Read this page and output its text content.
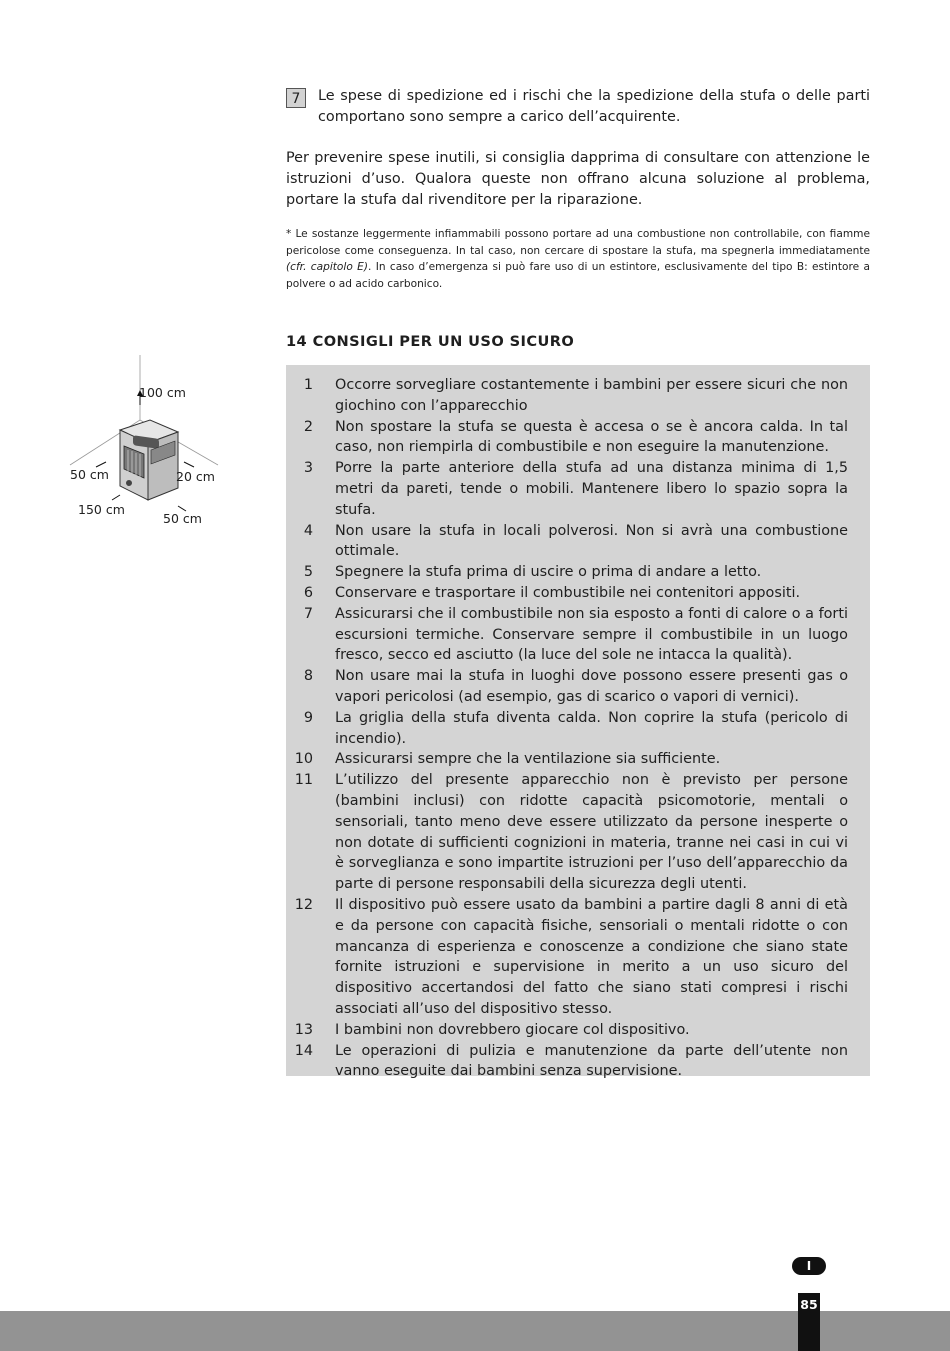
7	Le spese di spedizione ed i rischi che la spedizione della stufa o delle parti comportano sono sempre a carico dell’acquirente.
Per prevenire spese inutili, si consiglia dapprima di consultare con attenzione le istruzioni d’uso. Qualora queste non offrano alcuna soluzione al problema, portare la stufa dal rivenditore per la riparazione.
* Le sostanze leggermente infiammabili possono portare ad una combustione non controllabile, con fiamme pericolose come conseguenza. In tal caso, non cercare di spostare la stufa, ma spegnerla immediatamente (cfr. capitolo E). In caso d’emergenza si può fare uso di un estintore, esclusivamente del tipo B: estintore a polvere o ad acido carbonico.
14 CONSIGLI PER UN USO SICURO
100 cm
50 cm	20 cm
150 cm
50 cm
1 Occorre sorvegliare costantemente i bambini per essere sicuri che non giochino con l’apparecchio
2 Non spostare la stufa se questa è accesa o se è ancora calda. In tal caso, non riempirla di combustibile e non eseguire la manutenzione.
3 Porre la parte anteriore della stufa ad una distanza minima di 1,5 metri da pareti, tende o mobili. Mantenere libero lo spazio sopra la stufa.
4 Non usare la stufa in locali polverosi. Non si avrà una combustione ottimale.
5 Spegnere la stufa prima di uscire o prima di andare a letto.
6 Conservare e trasportare il combustibile nei contenitori appositi.
7 Assicurarsi che il combustibile non sia esposto a fonti di calore o a forti escursioni termiche. Conservare sempre il combustibile in un luogo fresco, secco ed asciutto (la luce del sole ne intacca la qualità).
8 Non usare mai la stufa in luoghi dove possono essere presenti gas o vapori pericolosi (ad esempio, gas di scarico o vapori di vernici).
9 La griglia della stufa diventa calda. Non coprire la stufa (pericolo di incendio).
10 Assicurarsi sempre che la ventilazione sia sufficiente.
11 L’utilizzo del presente apparecchio non è previsto per persone (bambini inclusi) con ridotte capacità psicomotorie, mentali o sensoriali, tanto meno deve essere utilizzato da persone inesperte o non dotate di sufficienti cognizioni in materia, tranne nei casi in cui vi è sorveglianza e sono impartite istruzioni per l’uso dell’apparecchio da parte di persone responsabili della sicurezza degli utenti.
12 Il dispositivo può essere usato da bambini a partire dagli 8 anni di età e da persone con capacità fisiche, sensoriali o mentali ridotte o con mancanza di esperienza e conoscenze a condizione che siano state fornite istruzioni e supervisione in merito a un uso sicuro del dispositivo accertandosi del fatto che siano stati compresi i rischi associati all’uso del dispositivo stesso.
13 I bambini non dovrebbero giocare col dispositivo.
14 Le operazioni di pulizia e manutenzione da parte dell’utente non vanno eseguite dai bambini senza supervisione.
I
85
